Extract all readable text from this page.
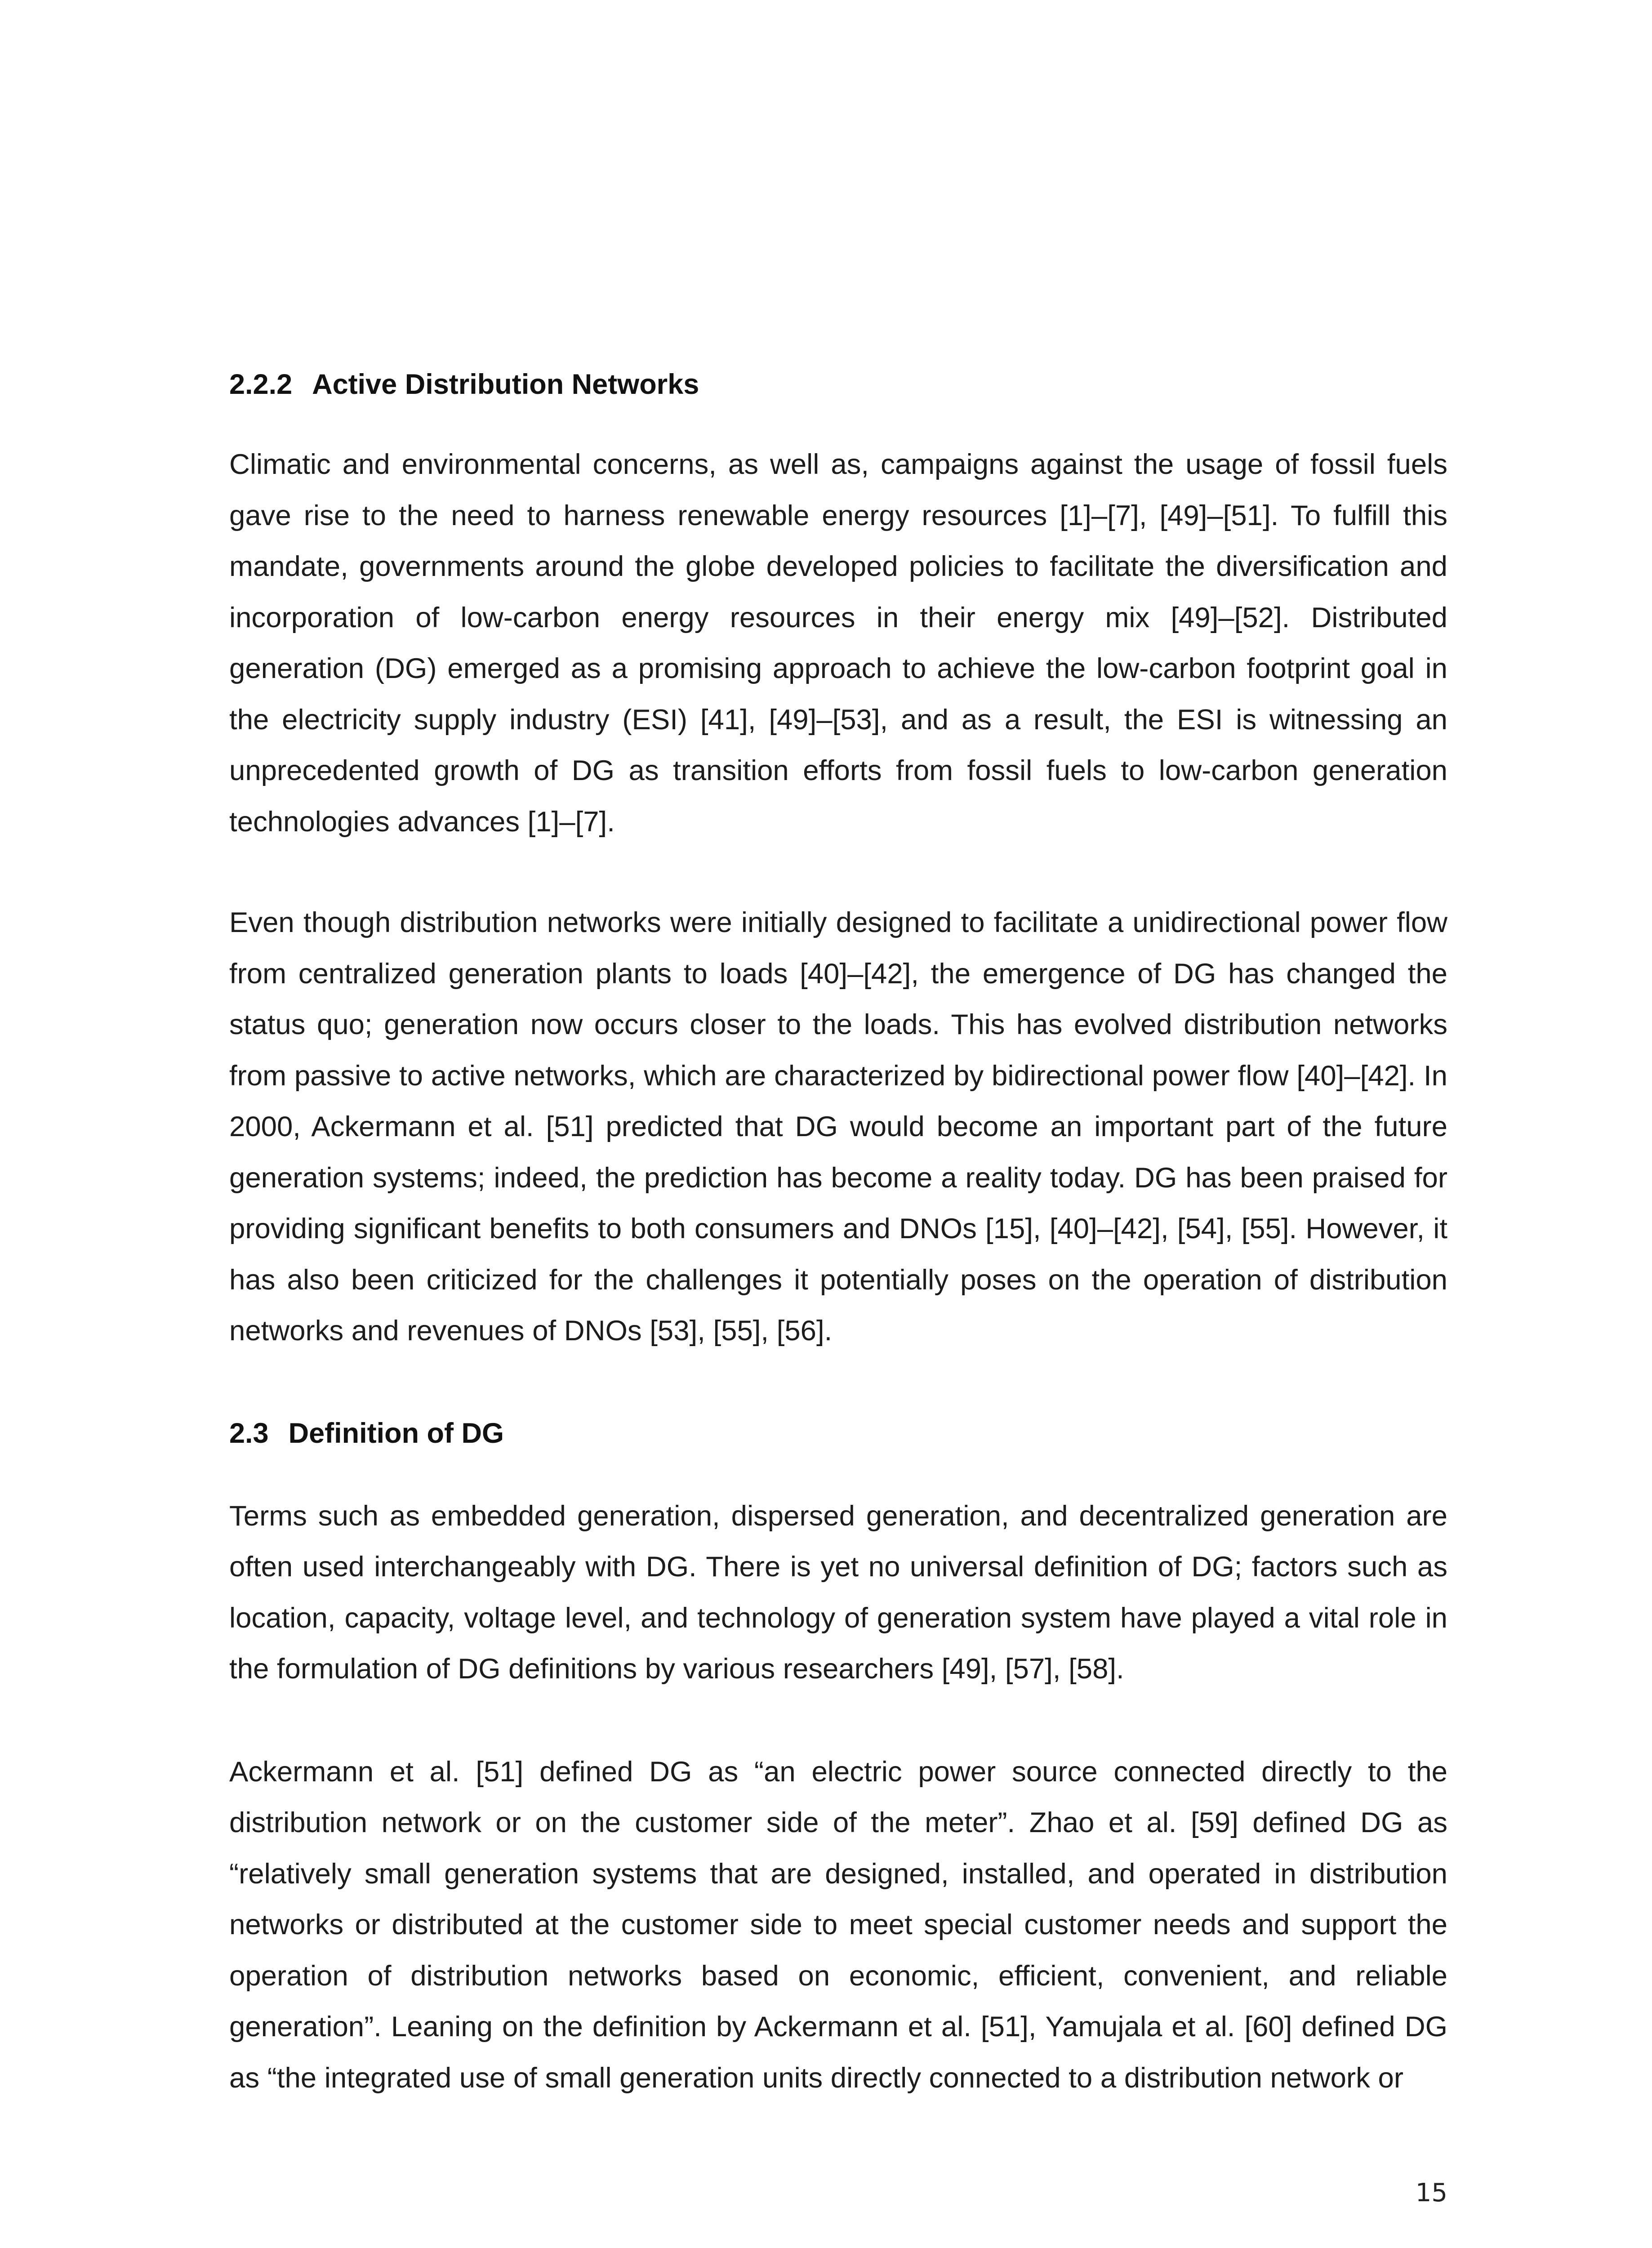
2.2.2 Active Distribution Networks

Climatic and environmental concerns, as well as, campaigns against the usage of fossil fuels gave rise to the need to harness renewable energy resources [1]–[7], [49]–[51]. To fulfill this mandate, governments around the globe developed policies to facilitate the diversification and incorporation of low-carbon energy resources in their energy mix [49]–[52]. Distributed generation (DG) emerged as a promising approach to achieve the low-carbon footprint goal in the electricity supply industry (ESI) [41], [49]–[53], and as a result, the ESI is witnessing an unprecedented growth of DG as transition efforts from fossil fuels to low-carbon generation technologies advances [1]–[7].

Even though distribution networks were initially designed to facilitate a unidirectional power flow from centralized generation plants to loads [40]–[42], the emergence of DG has changed the status quo; generation now occurs closer to the loads. This has evolved distribution networks from passive to active networks, which are characterized by bidirectional power flow [40]–[42]. In 2000, Ackermann et al. [51] predicted that DG would become an important part of the future generation systems; indeed, the prediction has become a reality today. DG has been praised for providing significant benefits to both consumers and DNOs [15], [40]–[42], [54], [55]. However, it has also been criticized for the challenges it potentially poses on the operation of distribution networks and revenues of DNOs [53], [55], [56].

2.3 Definition of DG

Terms such as embedded generation, dispersed generation, and decentralized generation are often used interchangeably with DG. There is yet no universal definition of DG; factors such as location, capacity, voltage level, and technology of generation system have played a vital role in the formulation of DG definitions by various researchers [49], [57], [58].

Ackermann et al. [51] defined DG as “an electric power source connected directly to the distribution network or on the customer side of the meter”. Zhao et al. [59] defined DG as “relatively small generation systems that are designed, installed, and operated in distribution networks or distributed at the customer side to meet special customer needs and support the operation of distribution networks based on economic, efficient, convenient, and reliable generation”. Leaning on the definition by Ackermann et al. [51], Yamujala et al. [60] defined DG as “the integrated use of small generation units directly connected to a distribution network or

15
